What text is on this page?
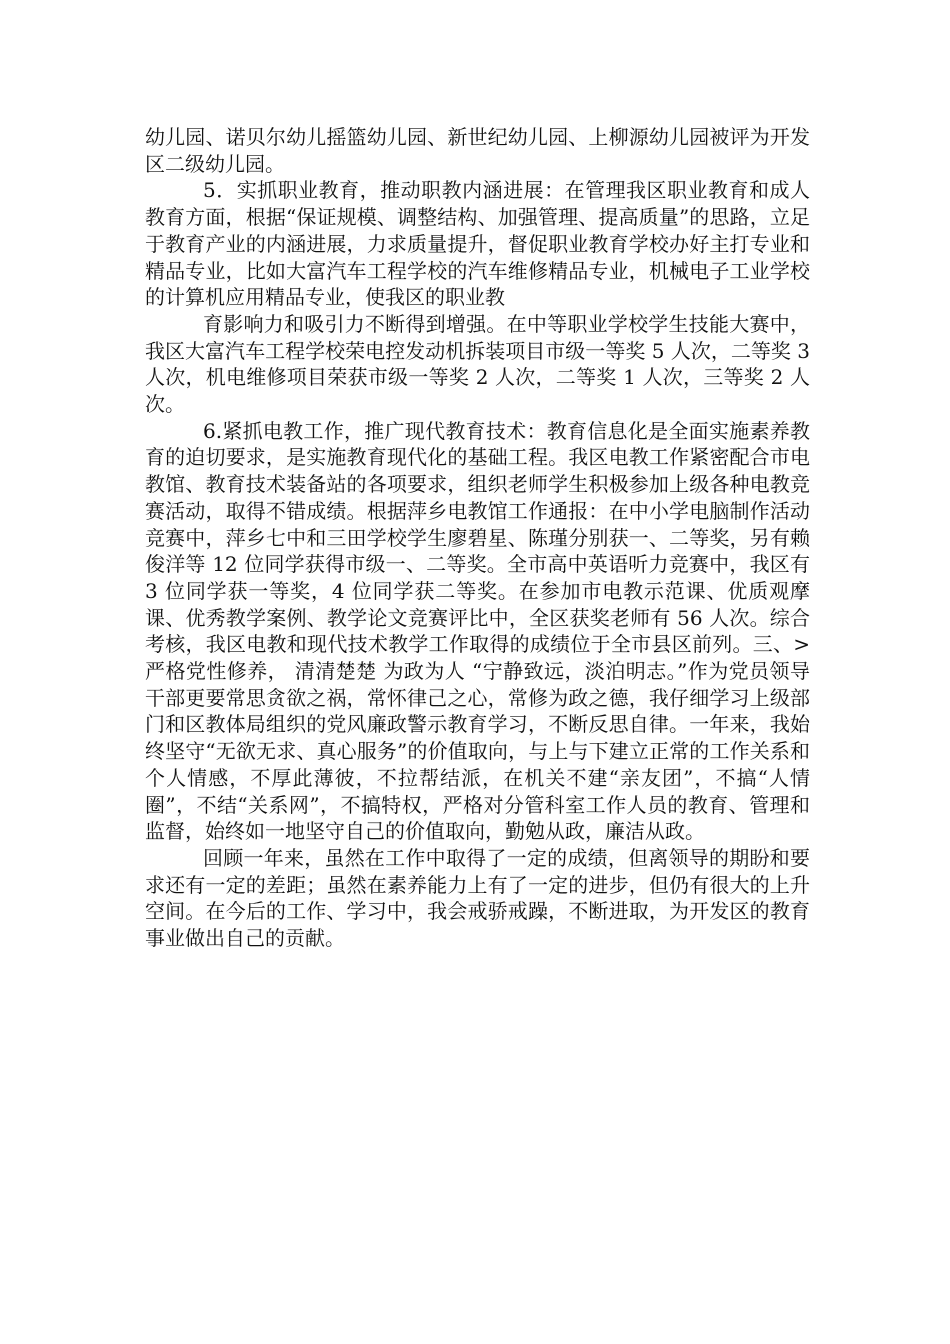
幼儿园、诺贝尔幼儿摇篮幼儿园、新世纪幼儿园、上柳源幼儿园被评为开发区二级幼儿园。

5．实抓职业教育，推动职教内涵进展：在管理我区职业教育和成人教育方面，根据“保证规模、调整结构、加强管理、提高质量”的思路，立足于教育产业的内涵进展，力求质量提升，督促职业教育学校办好主打专业和精品专业，比如大富汽车工程学校的汽车维修精品专业，机械电子工业学校的计算机应用精品专业，使我区的职业教

育影响力和吸引力不断得到增强。在中等职业学校学生技能大赛中，我区大富汽车工程学校荣电控发动机拆装项目市级一等奖 5 人次，二等奖 3 人次，机电维修项目荣获市级一等奖 2 人次，二等奖 1 人次，三等奖 2 人次。

6.紧抓电教工作，推广现代教育技术：教育信息化是全面实施素养教育的迫切要求，是实施教育现代化的基础工程。我区电教工作紧密配合市电教馆、教育技术装备站的各项要求，组织老师学生积极参加上级各种电教竞赛活动，取得不错成绩。根据萍乡电教馆工作通报：在中小学电脑制作活动竞赛中，萍乡七中和三田学校学生廖碧星、陈瑾分别获一、二等奖，另有赖俊洋等 12 位同学获得市级一、二等奖。全市高中英语听力竞赛中，我区有 3 位同学获一等奖，4 位同学获二等奖。在参加市电教示范课、优质观摩课、优秀教学案例、教学论文竞赛评比中，全区获奖老师有 56 人次。综合考核，我区电教和现代技术教学工作取得的成绩位于全市县区前列。三、> 严格党性修养， 清清楚楚 为政为人 “宁静致远，淡泊明志。”作为党员领导干部更要常思贪欲之祸，常怀律己之心，常修为政之德，我仔细学习上级部门和区教体局组织的党风廉政警示教育学习，不断反思自律。一年来，我始终坚守“无欲无求、真心服务”的价值取向，与上与下建立正常的工作关系和个人情感，不厚此薄彼，不拉帮结派，在机关不建“亲友团”，不搞“人情圈”，不结“关系网”，不搞特权，严格对分管科室工作人员的教育、管理和监督，始终如一地坚守自己的价值取向，勤勉从政，廉洁从政。

回顾一年来，虽然在工作中取得了一定的成绩，但离领导的期盼和要求还有一定的差距；虽然在素养能力上有了一定的进步，但仍有很大的上升空间。在今后的工作、学习中，我会戒骄戒躁，不断进取，为开发区的教育事业做出自己的贡献。
